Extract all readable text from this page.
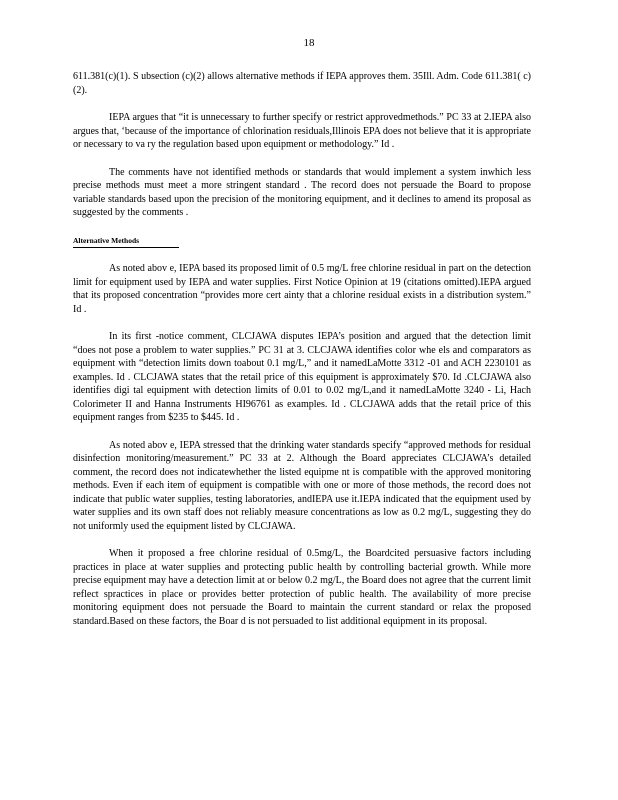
18

611.381(c)(1). S ubsection (c)(2) allows alternative methods if IEPA approves them. 35Ill. Adm. Code 611.381( c)(2).

IEPA argues that “it is unnecessary to further specify or restrict approvedmethods.” PC 33 at 2.IEPA also argues that, ‘because of the importance of chlorination residuals,Illinois EPA does not believe that it is appropriate or necessary to va ry the regulation based upon equipment or methodology.” Id .

The comments have not identified methods or standards that would implement a system inwhich less precise methods must meet a more stringent standard . The record does not persuade the Board to propose variable standards based upon the precision of the monitoring equipment, and it declines to amend its proposal as suggested by the comments .

Alternative Methods

As noted abov e, IEPA based its proposed limit of 0.5 mg/L free chlorine residual in part on the detection limit for equipment used by IEPA and water supplies. First Notice Opinion at 19 (citations omitted).IEPA argued that its proposed concentration “provides more cert ainty that a chlorine residual exists in a distribution system.” Id .

In its first -notice comment, CLCJAWA disputes IEPA’s position and argued that the detection limit “does not pose a problem to water supplies.” PC 31 at 3. CLCJAWA identifies color whe els and comparators as equipment with “detection limits down toabout 0.1 mg/L,” and it namedLaMotte 3312 -01 and ACH 2230101 as examples. Id . CLCJAWA states that the retail price of this equipment is approximately $70. Id .CLCJAWA also identifies digi tal equipment with detection limits of 0.01 to 0.02 mg/L,and it namedLaMotte 3240 - Li, Hach Colorimeter II and Hanna Instruments HI96761 as examples. Id . CLCJAWA adds that the retail price of this equipment ranges from $235 to $445. Id .

As noted abov e, IEPA stressed that the drinking water standards specify “approved methods for residual disinfection monitoring/measurement.” PC 33 at 2. Although the Board appreciates CLCJAWA’s detailed comment, the record does not indicatewhether the listed equipme nt is compatible with the approved monitoring methods. Even if each item of equipment is compatible with one or more of those methods, the record does not indicate that public water supplies, testing laboratories, andIEPA use it.IEPA indicated that the equipment used by water supplies and its own staff does not reliably measure concentrations as low as 0.2 mg/L, suggesting they do not uniformly used the equipment listed by CLCJAWA.

When it proposed a free chlorine residual of 0.5mg/L, the Boardcited persuasive factors including practices in place at water supplies and protecting public health by controlling bacterial growth. While more precise equipment may have a detection limit at or below 0.2 mg/L, the Board does not agree that the current limit reflect spractices in place or provides better protection of public health. The availability of more precise monitoring equipment does not persuade the Board to maintain the current standard or relax the proposed standard.Based on these factors, the Boar d is not persuaded to list additional equipment in its proposal.
